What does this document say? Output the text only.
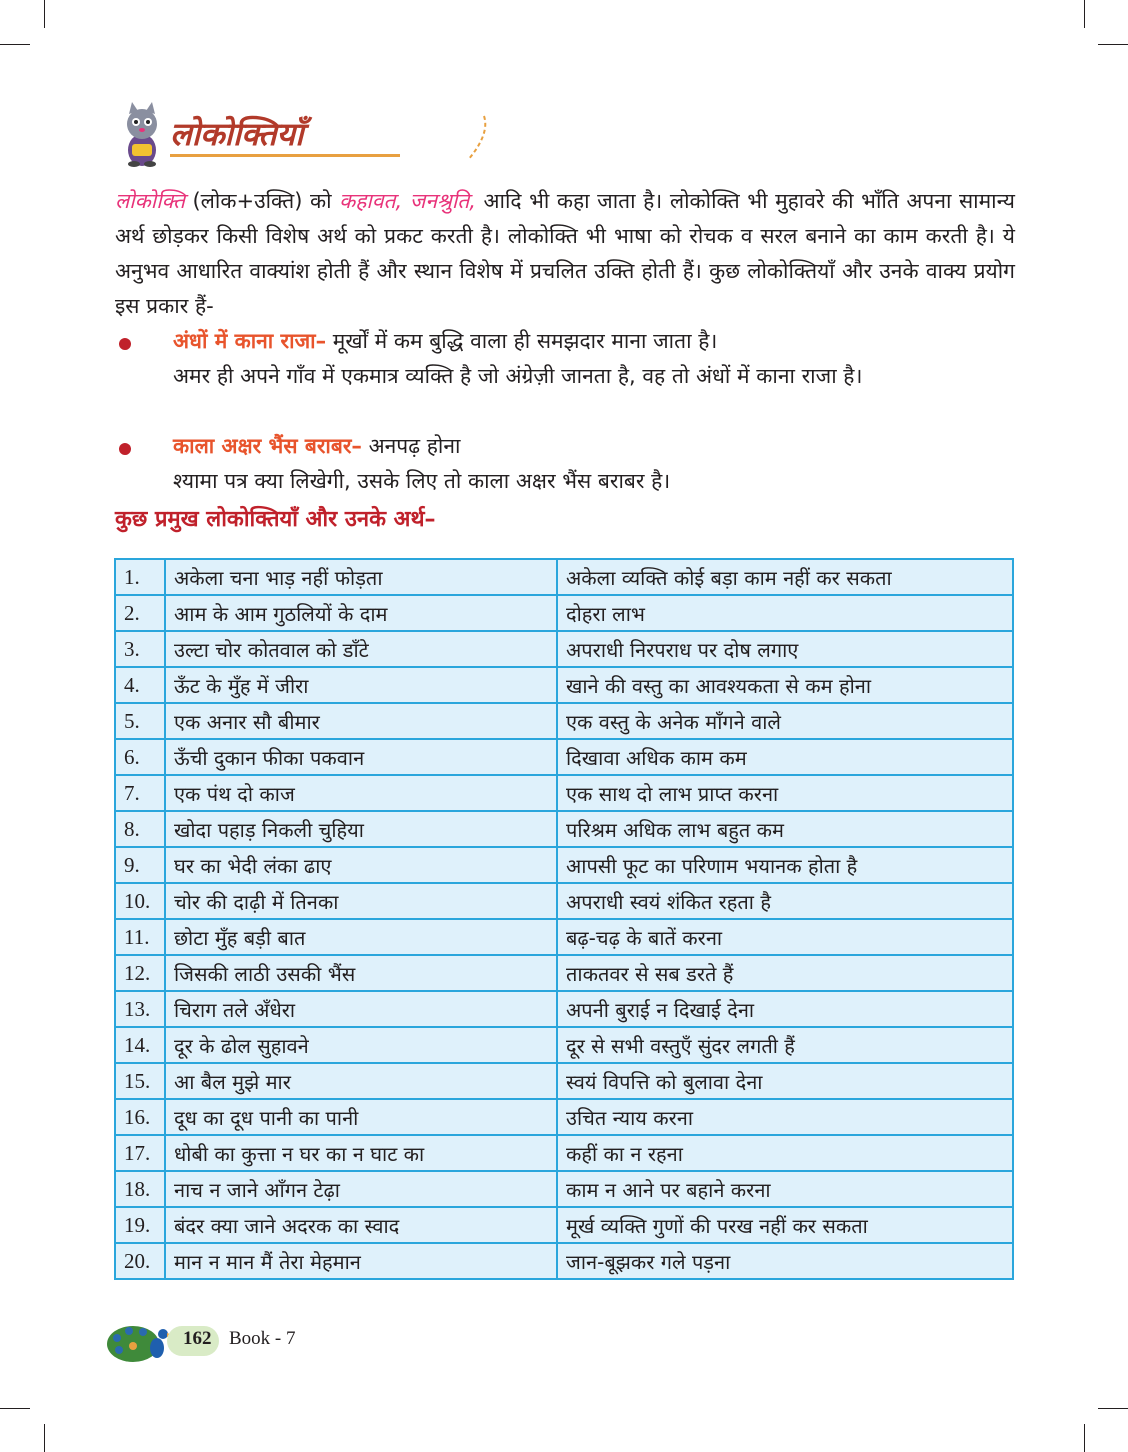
लोकोक्तियाँ
लोकोक्ति (लोक+उक्ति) को कहावत, जनश्रुति, आदि भी कहा जाता है। लोकोक्ति भी मुहावरे की भाँति अपना सामान्य अर्थ छोड़कर किसी विशेष अर्थ को प्रकट करती है। लोकोक्ति भी भाषा को रोचक व सरल बनाने का काम करती है। ये अनुभव आधारित वाक्यांश होती हैं और स्थान विशेष में प्रचलित उक्ति होती हैं। कुछ लोकोक्तियाँ और उनके वाक्य प्रयोग इस प्रकार हैं-
अंधों में काना राजा– मूर्खों में कम बुद्धि वाला ही समझदार माना जाता है।
अमर ही अपने गाँव में एकमात्र व्यक्ति है जो अंग्रेज़ी जानता है, वह तो अंधों में काना राजा है।
काला अक्षर भैंस बराबर– अनपढ़ होना
श्यामा पत्र क्या लिखेगी, उसके लिए तो काला अक्षर भैंस बराबर है।
कुछ प्रमुख लोकोक्तियाँ और उनके अर्थ–
1.	अकेला चना भाड़ नहीं फोड़ता	अकेला व्यक्ति कोई बड़ा काम नहीं कर सकता
2.	आम के आम गुठलियों के दाम	दोहरा लाभ
3.	उल्टा चोर कोतवाल को डाँटे	अपराधी निरपराध पर दोष लगाए
4.	ऊँट के मुँह में जीरा	खाने की वस्तु का आवश्यकता से कम होना
5.	एक अनार सौ बीमार	एक वस्तु के अनेक माँगने वाले
6.	ऊँची दुकान फीका पकवान	दिखावा अधिक काम कम
7.	एक पंथ दो काज	एक साथ दो लाभ प्राप्त करना
8.	खोदा पहाड़ निकली चुहिया	परिश्रम अधिक लाभ बहुत कम
9.	घर का भेदी लंका ढाए	आपसी फूट का परिणाम भयानक होता है
10.	चोर की दाढ़ी में तिनका	अपराधी स्वयं शंकित रहता है
11.	छोटा मुँह बड़ी बात	बढ़-चढ़ के बातें करना
12.	जिसकी लाठी उसकी भैंस	ताकतवर से सब डरते हैं
13.	चिराग तले अँधेरा	अपनी बुराई न दिखाई देना
14.	दूर के ढोल सुहावने	दूर से सभी वस्तुएँ सुंदर लगती हैं
15.	आ बैल मुझे मार	स्वयं विपत्ति को बुलावा देना
16.	दूध का दूध पानी का पानी	उचित न्याय करना
17.	धोबी का कुत्ता न घर का न घाट का	कहीं का न रहना
18.	नाच न जाने आँगन टेढ़ा	काम न आने पर बहाने करना
19.	बंदर क्या जाने अदरक का स्वाद	मूर्ख व्यक्ति गुणों की परख नहीं कर सकता
20.	मान न मान मैं तेरा मेहमान	जान-बूझकर गले पड़ना
162 Book - 7
